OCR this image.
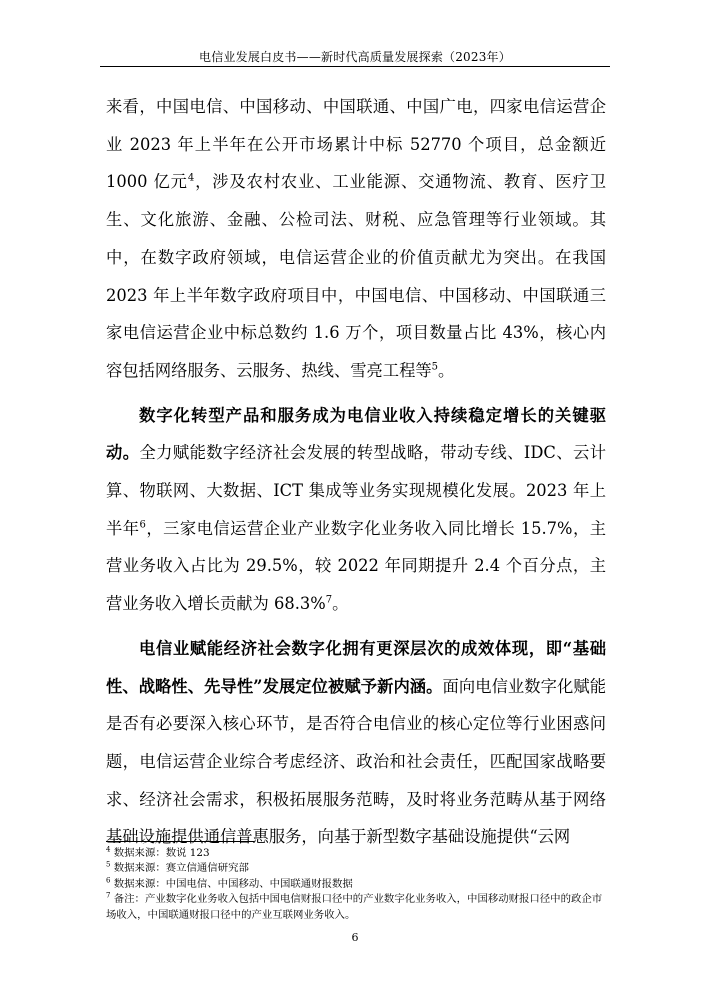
电信业发展白皮书——新时代高质量发展探索（2023年）

来看，中国电信、中国移动、中国联通、中国广电，四家电信运营企业 2023 年上半年在公开市场累计中标 52770 个项目，总金额近 1000 亿元$^4$，涉及农村农业、工业能源、交通物流、教育、医疗卫生、文化旅游、金融、公检司法、财税、应急管理等行业领域。其中，在数字政府领域，电信运营企业的价值贡献尤为突出。在我国 2023 年上半年数字政府项目中，中国电信、中国移动、中国联通三家电信运营企业中标总数约 1.6 万个，项目数量占比 43%，核心内容包括网络服务、云服务、热线、雪亮工程等$^5$。

数字化转型产品和服务成为电信业收入持续稳定增长的关键驱动。全力赋能数字经济社会发展的转型战略，带动专线、IDC、云计算、物联网、大数据、ICT 集成等业务实现规模化发展。2023 年上半年$^6$，三家电信运营企业产业数字化业务收入同比增长 15.7%，主营业务收入占比为 29.5%，较 2022 年同期提升 2.4 个百分点，主营业务收入增长贡献为 68.3%$^7$。

电信业赋能经济社会数字化拥有更深层次的成效体现，即“基础性、战略性、先导性”发展定位被赋予新内涵。面向电信业数字化赋能是否有必要深入核心环节，是否符合电信业的核心定位等行业困惑问题，电信运营企业综合考虑经济、政治和社会责任，匹配国家战略要求、经济社会需求，积极拓展服务范畴，及时将业务范畴从基于网络基础设施提供通信普惠服务，向基于新型数字基础设施提供“云网

$^4$ 数据来源：数说 123

$^5$ 数据来源：赛立信通信研究部

$^6$ 数据来源：中国电信、中国移动、中国联通财报数据

$^7$ 备注：产业数字化业务收入包括中国电信财报口径中的产业数字化业务收入，中国移动财报口径中的政企市场收入，中国联通财报口径中的产业互联网业务收入。

6
